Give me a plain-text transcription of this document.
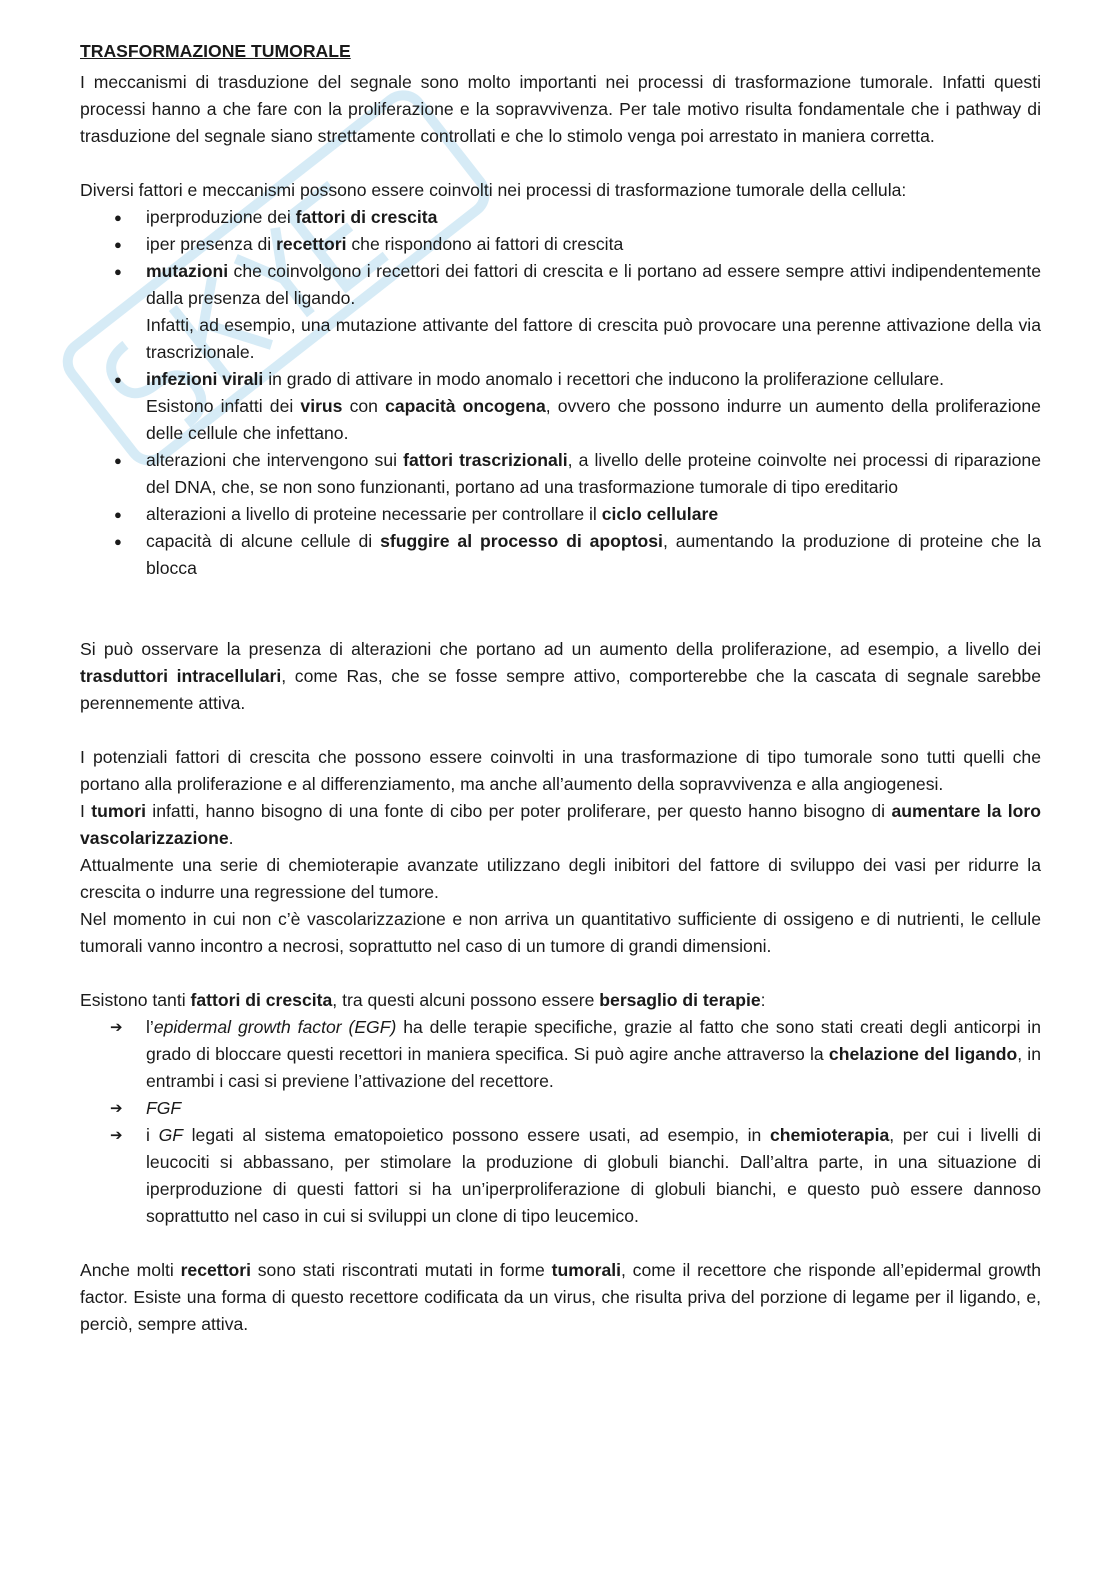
TRASFORMAZIONE TUMORALE

I meccanismi di trasduzione del segnale sono molto importanti nei processi di trasformazione tumorale. Infatti questi processi hanno a che fare con la proliferazione e la sopravvivenza. Per tale motivo risulta fondamentale che i pathway di trasduzione del segnale siano strettamente controllati e che lo stimolo venga poi arrestato in maniera corretta.

Diversi fattori e meccanismi possono essere coinvolti nei processi di trasformazione tumorale della cellula:

● iperproduzione dei fattori di crescita
● iper presenza di recettori che rispondono ai fattori di crescita
● mutazioni che coinvolgono i recettori dei fattori di crescita e li portano ad essere sempre attivi indipendentemente dalla presenza del ligando.
Infatti, ad esempio, una mutazione attivante del fattore di crescita può provocare una perenne attivazione della via trascrizionale.
● infezioni virali in grado di attivare in modo anomalo i recettori che inducono la proliferazione cellulare.
Esistono infatti dei virus con capacità oncogena, ovvero che possono indurre un aumento della proliferazione delle cellule che infettano.
● alterazioni che intervengono sui fattori trascrizionali, a livello delle proteine coinvolte nei processi di riparazione del DNA, che, se non sono funzionanti, portano ad una trasformazione tumorale di tipo ereditario
● alterazioni a livello di proteine necessarie per controllare il ciclo cellulare
● capacità di alcune cellule di sfuggire al processo di apoptosi, aumentando la produzione di proteine che la blocca

Si può osservare la presenza di alterazioni che portano ad un aumento della proliferazione, ad esempio, a livello dei trasduttori intracellulari, come Ras, che se fosse sempre attivo, comporterebbe che la cascata di segnale sarebbe perennemente attiva.

I potenziali fattori di crescita che possono essere coinvolti in una trasformazione di tipo tumorale sono tutti quelli che portano alla proliferazione e al differenziamento, ma anche all’aumento della sopravvivenza e alla angiogenesi.

I tumori infatti, hanno bisogno di una fonte di cibo per poter proliferare, per questo hanno bisogno di aumentare la loro vascolarizzazione.

Attualmente una serie di chemioterapie avanzate utilizzano degli inibitori del fattore di sviluppo dei vasi per ridurre la crescita o indurre una regressione del tumore.

Nel momento in cui non c’è vascolarizzazione e non arriva un quantitativo sufficiente di ossigeno e di nutrienti, le cellule tumorali vanno incontro a necrosi, soprattutto nel caso di un tumore di grandi dimensioni.

Esistono tanti fattori di crescita, tra questi alcuni possono essere bersaglio di terapie:

➔ l’epidermal growth factor (EGF) ha delle terapie specifiche, grazie al fatto che sono stati creati degli anticorpi in grado di bloccare questi recettori in maniera specifica. Si può agire anche attraverso la chelazione del ligando, in entrambi i casi si previene l’attivazione del recettore.
➔ FGF
➔ i GF legati al sistema ematopoietico possono essere usati, ad esempio, in chemioterapia, per cui i livelli di leucociti si abbassano, per stimolare la produzione di globuli bianchi. Dall’altra parte, in una situazione di iperproduzione di questi fattori si ha un’iperproliferazione di globuli bianchi, e questo può essere dannoso soprattutto nel caso in cui si sviluppi un clone di tipo leucemico.

Anche molti recettori sono stati riscontrati mutati in forme tumorali, come il recettore che risponde all’epidermal growth factor. Esiste una forma di questo recettore codificata da un virus, che risulta priva del porzione di legame per il ligando, e, perciò, sempre attiva.
